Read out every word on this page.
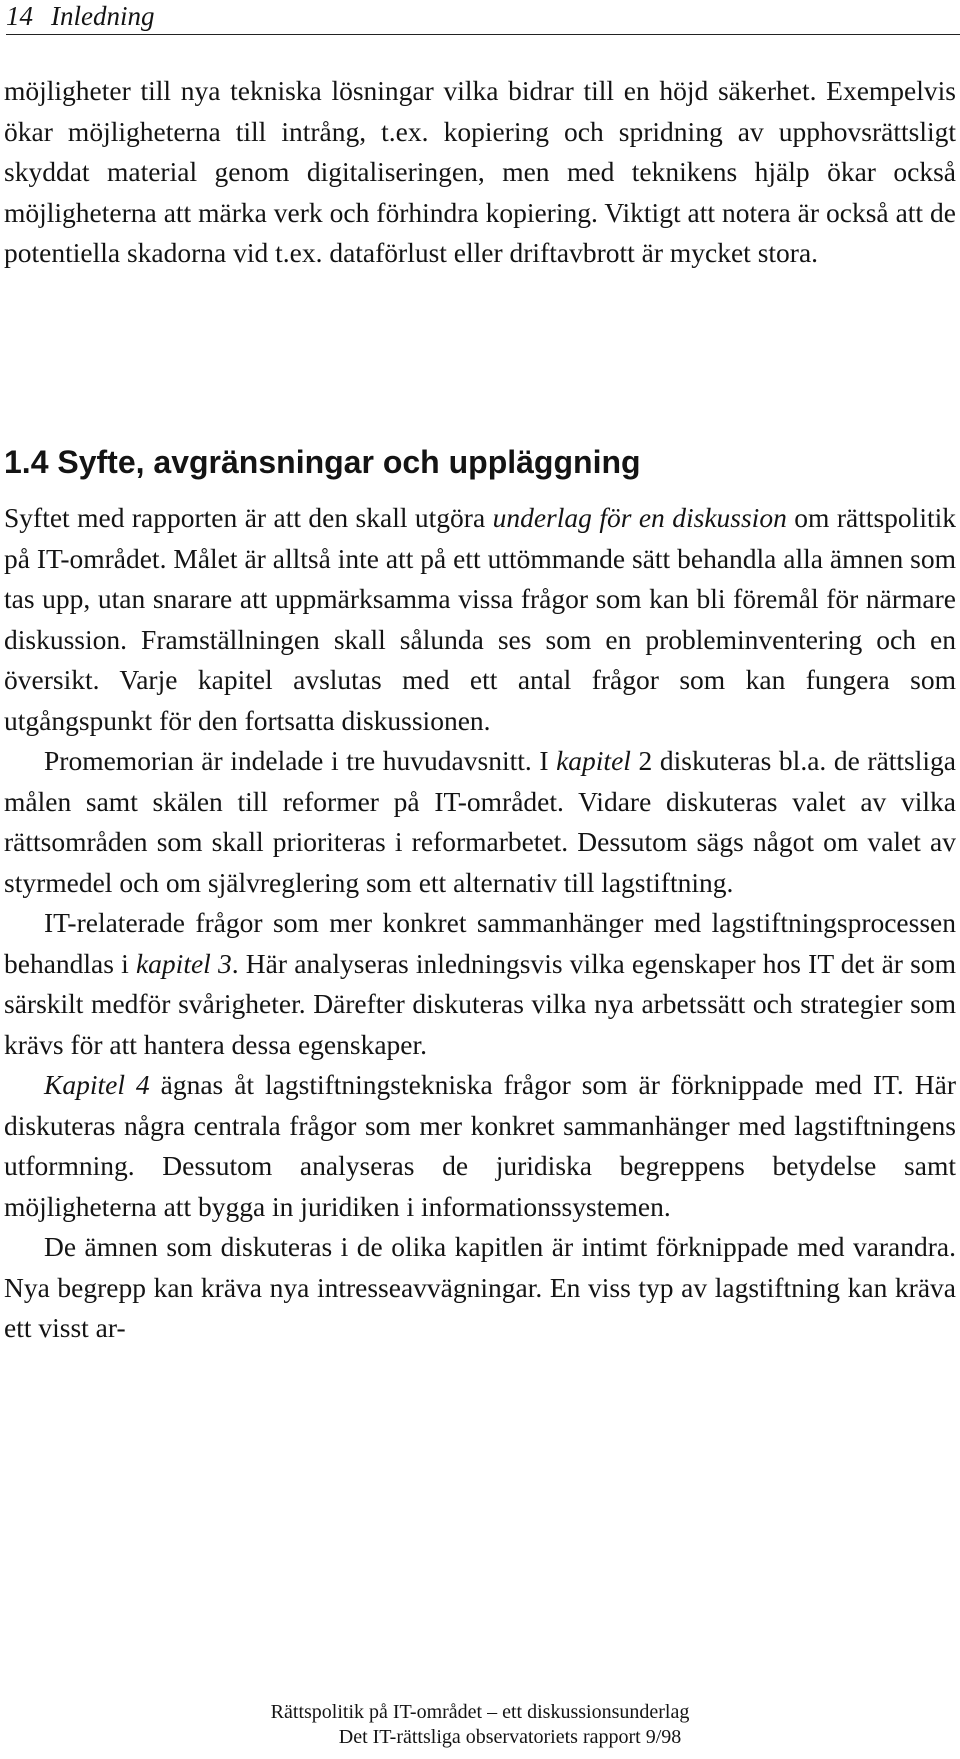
14 Inledning

möjligheter till nya tekniska lösningar vilka bidrar till en höjd säkerhet. Exempelvis ökar möjligheterna till intrång, t.ex. kopiering och spridning av upphovsrättsligt skyddat material genom digitaliseringen, men med teknikens hjälp ökar också möjligheterna att märka verk och förhindra kopiering. Viktigt att notera är också att de potentiella skadorna vid t.ex. dataförlust eller driftavbrott är mycket stora.

1.4 Syfte, avgränsningar och uppläggning

Syftet med rapporten är att den skall utgöra underlag för en diskussion om rättspolitik på IT-området. Målet är alltså inte att på ett uttömmande sätt behandla alla ämnen som tas upp, utan snarare att uppmärksamma vissa frågor som kan bli föremål för närmare diskussion. Framställningen skall sålunda ses som en probleminventering och en översikt. Varje kapitel avslutas med ett antal frågor som kan fungera som utgångspunkt för den fortsatta diskussionen.

Promemorian är indelade i tre huvudavsnitt. I kapitel 2 diskuteras bl.a. de rättsliga målen samt skälen till reformer på IT-området. Vidare diskuteras valet av vilka rättsområden som skall prioriteras i reformarbetet. Dessutom sägs något om valet av styrmedel och om självreglering som ett alternativ till lagstiftning.

IT-relaterade frågor som mer konkret sammanhänger med lagstiftningsprocessen behandlas i kapitel 3. Här analyseras inledningsvis vilka egenskaper hos IT det är som särskilt medför svårigheter. Därefter diskuteras vilka nya arbetssätt och strategier som krävs för att hantera dessa egenskaper.

Kapitel 4 ägnas åt lagstiftningstekniska frågor som är förknippade med IT. Här diskuteras några centrala frågor som mer konkret sammanhänger med lagstiftningens utformning. Dessutom analyseras de juridiska begreppens betydelse samt möjligheterna att bygga in juridiken i informationssystemen.

De ämnen som diskuteras i de olika kapitlen är intimt förknippade med varandra. Nya begrepp kan kräva nya intresseavvägningar. En viss typ av lagstiftning kan kräva ett visst ar-

Rättspolitik på IT-området – ett diskussionsunderlag
Det IT-rättsliga observatoriets rapport 9/98
